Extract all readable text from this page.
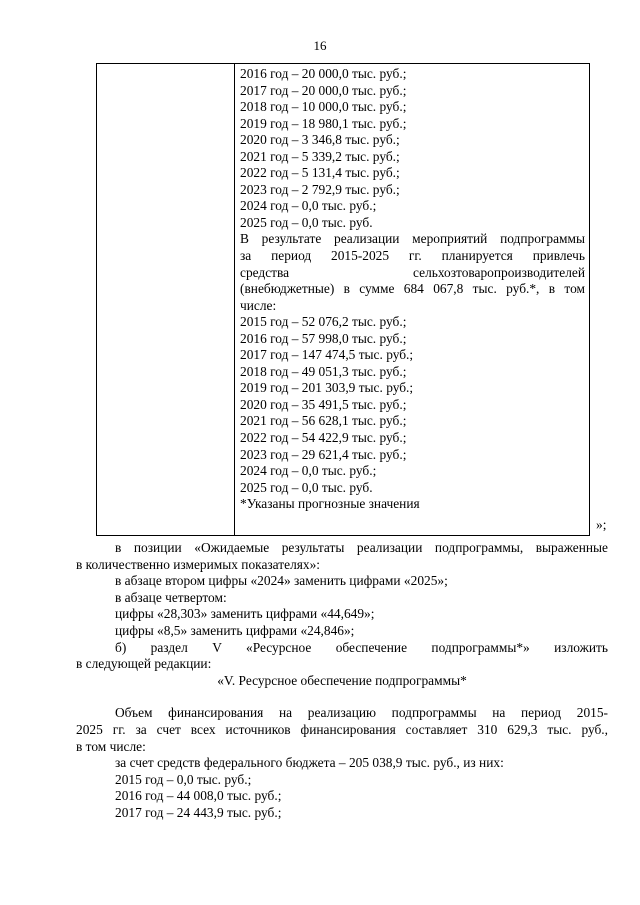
16
2016 год – 20 000,0 тыс. руб.;
2017 год – 20 000,0 тыс. руб.;
2018 год – 10 000,0 тыс. руб.;
2019 год – 18 980,1 тыс. руб.;
2020 год – 3 346,8 тыс. руб.;
2021 год – 5 339,2 тыс. руб.;
2022 год – 5 131,4 тыс. руб.;
2023 год – 2 792,9 тыс. руб.;
2024 год – 0,0 тыс. руб.;
2025 год – 0,0 тыс. руб.
В результате реализации мероприятий подпрограммы
за период 2015-2025 гг. планируется привлечь
средства сельхозтоваропроизводителей
(внебюджетные) в сумме 684 067,8 тыс. руб.*, в том
числе:
2015 год – 52 076,2 тыс. руб.;
2016 год – 57 998,0 тыс. руб.;
2017 год – 147 474,5 тыс. руб.;
2018 год – 49 051,3 тыс. руб.;
2019 год – 201 303,9 тыс. руб.;
2020 год – 35 491,5 тыс. руб.;
2021 год – 56 628,1 тыс. руб.;
2022 год – 54 422,9 тыс. руб.;
2023 год – 29 621,4 тыс. руб.;
2024 год – 0,0 тыс. руб.;
2025 год – 0,0 тыс. руб.
*Указаны прогнозные значения
»;
в позиции «Ожидаемые результаты реализации подпрограммы, выраженные
в количественно измеримых показателях»:
в абзаце втором цифры «2024» заменить цифрами «2025»;
в абзаце четвертом:
цифры «28,303» заменить цифрами «44,649»;
цифры «8,5» заменить цифрами «24,846»;
б) раздел V «Ресурсное обеспечение подпрограммы*» изложить
в следующей редакции:
«V. Ресурсное обеспечение подпрограммы*
Объем финансирования на реализацию подпрограммы на период 2015-
2025 гг. за счет всех источников финансирования составляет 310 629,3 тыс. руб.,
в том числе:
за счет средств федерального бюджета – 205 038,9 тыс. руб., из них:
2015 год – 0,0 тыс. руб.;
2016 год – 44 008,0 тыс. руб.;
2017 год – 24 443,9 тыс. руб.;
